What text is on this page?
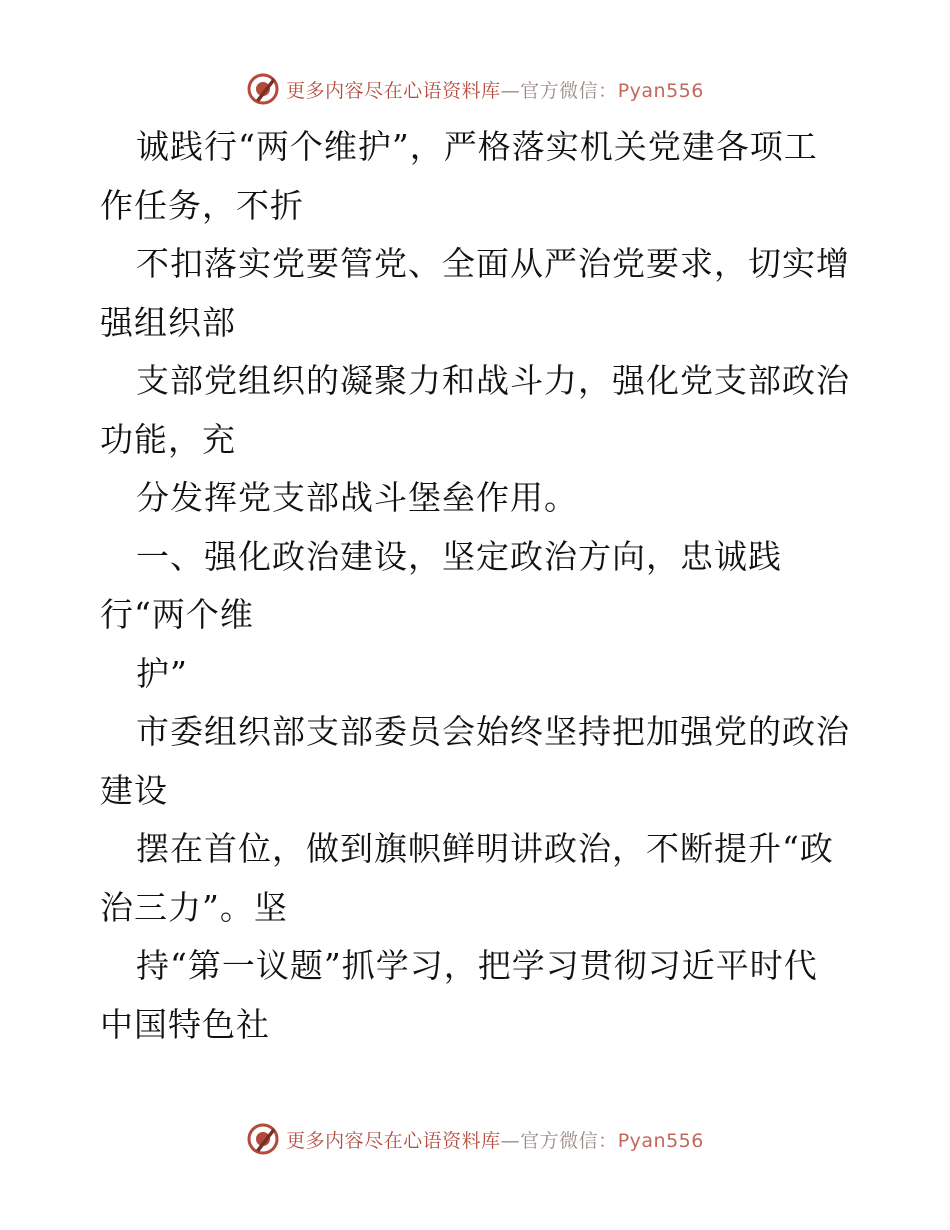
更多内容尽在心语资料库—官方微信：Pyan556
诚践行“两个维护”，严格落实机关党建各项工
作任务，不折
不扣落实党要管党、全面从严治党要求，切实增
强组织部
支部党组织的凝聚力和战斗力，强化党支部政治
功能，充
分发挥党支部战斗堡垒作用。
一、强化政治建设，坚定政治方向，忠诚践
行“两个维
护”
市委组织部支部委员会始终坚持把加强党的政治
建设
摆在首位，做到旗帜鲜明讲政治，不断提升“政
治三力”。坚
持“第一议题”抓学习，把学习贯彻习近平时代
中国特色社
更多内容尽在心语资料库—官方微信：Pyan556
